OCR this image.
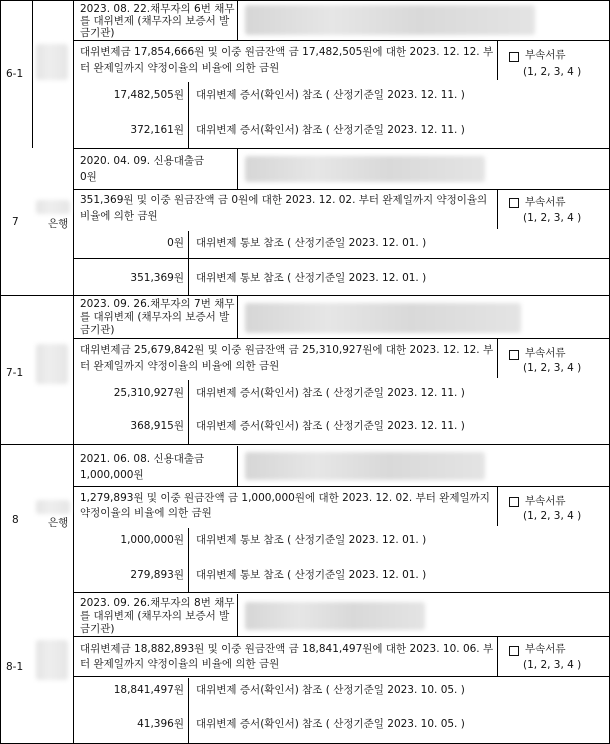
6-1
2023. 08. 22.채무자의 6번 채무
를 대위변제 (채무자의 보증서 발
금기관)
대위변제금 17,854,666원 및 이중 원금잔액 금 17,482,505원에 대한 2023. 12. 12. 부
터 완제일까지 약정이율의 비율에 의한 금원
부속서류
(1, 2, 3, 4 )
17,482,505원 대위변제 증서(확인서) 참조 ( 산정기준일 2023. 12. 11. )
372,161원 대위변제 증서(확인서) 참조 ( 산정기준일 2023. 12. 11. )
7	은행
2020. 04. 09. 신용대출금
0원
351,369원 및 이중 원금잔액 금 0원에 대한 2023. 12. 02. 부터 완제일까지 약정이율의
비율에 의한 금원
부속서류
(1, 2, 3, 4 )
0원 대위변제 통보 참조 ( 산정기준일 2023. 12. 01. )
351,369원 대위변제 통보 참조 ( 산정기준일 2023. 12. 01. )
7-1
2023. 09. 26.채무자의 7번 채무
를 대위변제 (채무자의 보증서 발
금기관)
대위변제금 25,679,842원 및 이중 원금잔액 금 25,310,927원에 대한 2023. 12. 12. 부
터 완제일까지 약정이율의 비율에 의한 금원
부속서류
(1, 2, 3, 4 )
25,310,927원 대위변제 증서(확인서) 참조 ( 산정기준일 2023. 12. 11. )
368,915원 대위변제 증서(확인서) 참조 ( 산정기준일 2023. 12. 11. )
8	은행
2021. 06. 08. 신용대출금
1,000,000원
1,279,893원 및 이중 원금잔액 금 1,000,000원에 대한 2023. 12. 02. 부터 완제일까지
약정이율의 비율에 의한 금원
부속서류
(1, 2, 3, 4 )
1,000,000원 대위변제 통보 참조 ( 산정기준일 2023. 12. 01. )
279,893원 대위변제 통보 참조 ( 산정기준일 2023. 12. 01. )
8-1
2023. 09. 26.채무자의 8번 채무
를 대위변제 (채무자의 보증서 발
금기관)
대위변제금 18,882,893원 및 이중 원금잔액 금 18,841,497원에 대한 2023. 10. 06. 부
터 완제일까지 약정이율의 비율에 의한 금원
부속서류
(1, 2, 3, 4 )
18,841,497원 대위변제 증서(확인서) 참조 ( 산정기준일 2023. 10. 05. )
41,396원 대위변제 증서(확인서) 참조 ( 산정기준일 2023. 10. 05. )
